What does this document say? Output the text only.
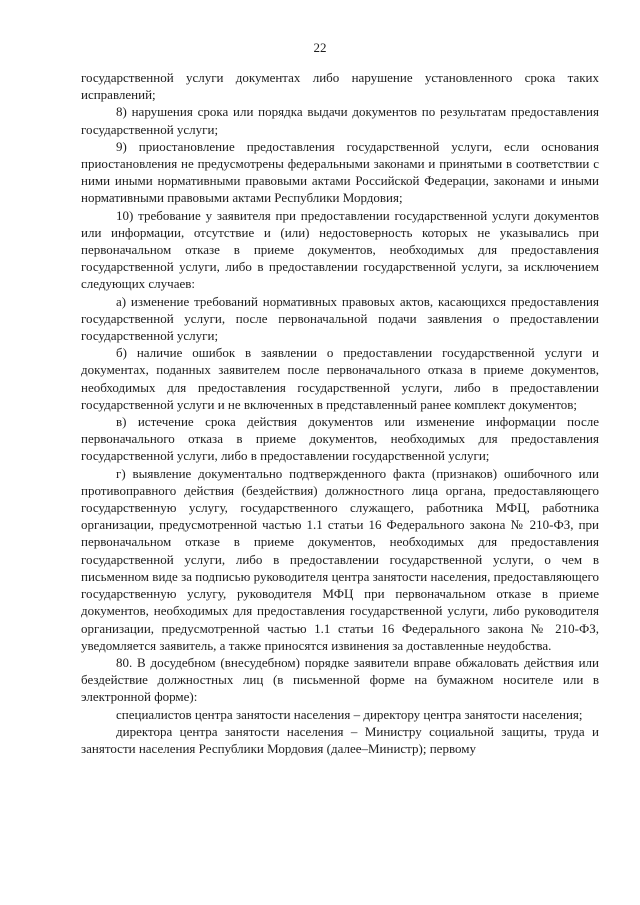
22

государственной услуги документах либо нарушение установленного срока таких исправлений;

8) нарушения срока или порядка выдачи документов по результатам предоставления государственной услуги;

9) приостановление предоставления государственной услуги, если основания приостановления не предусмотрены федеральными законами и принятыми в соответствии с ними иными нормативными правовыми актами Российской Федерации, законами и иными нормативными правовыми актами Республики Мордовия;

10) требование у заявителя при предоставлении государственной услуги документов или информации, отсутствие и (или) недостоверность которых не указывались при первоначальном отказе в приеме документов, необходимых для предоставления государственной услуги, либо в предоставлении государственной услуги, за исключением следующих случаев:

а) изменение требований нормативных правовых актов, касающихся предоставления государственной услуги, после первоначальной подачи заявления о предоставлении государственной услуги;

б) наличие ошибок в заявлении о предоставлении государственной услуги и документах, поданных заявителем после первоначального отказа в приеме документов, необходимых для предоставления государственной услуги, либо в предоставлении государственной услуги и не включенных в представленный ранее комплект документов;

в) истечение срока действия документов или изменение информации после первоначального отказа в приеме документов, необходимых для предоставления государственной услуги, либо в предоставлении государственной услуги;

г) выявление документально подтвержденного факта (признаков) ошибочного или противоправного действия (бездействия) должностного лица органа, предоставляющего государственную услугу, государственного служащего, работника МФЦ, работника организации, предусмотренной частью 1.1 статьи 16 Федерального закона № 210-ФЗ, при первоначальном отказе в приеме документов, необходимых для предоставления государственной услуги, либо в предоставлении государственной услуги, о чем в письменном виде за подписью руководителя центра занятости населения, предоставляющего государственную услугу, руководителя МФЦ при первоначальном отказе в приеме документов, необходимых для предоставления государственной услуги, либо руководителя организации, предусмотренной частью 1.1 статьи 16 Федерального закона № 210-ФЗ, уведомляется заявитель, а также приносятся извинения за доставленные неудобства.

80. В досудебном (внесудебном) порядке заявители вправе обжаловать действия или бездействие должностных лиц (в письменной форме на бумажном носителе или в электронной форме):

специалистов центра занятости населения – директору центра занятости населения;

директора центра занятости населения – Министру социальной защиты, труда и занятости населения Республики Мордовия (далее–Министр); первому
